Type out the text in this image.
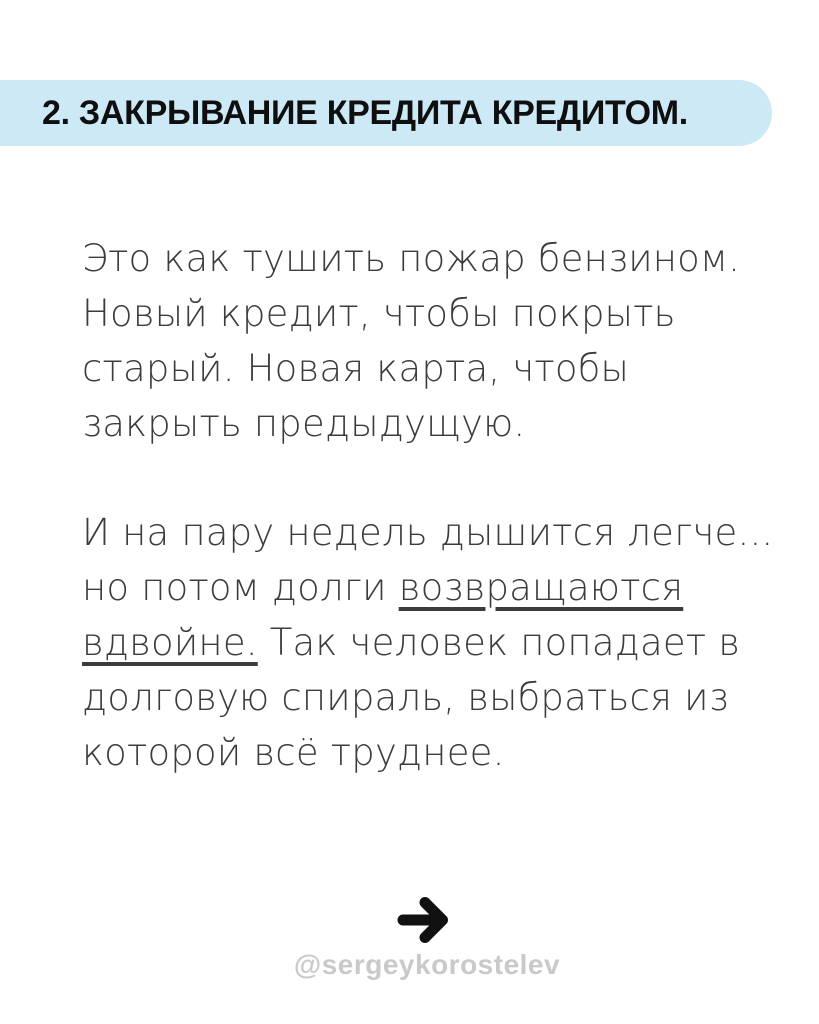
2. ЗАКРЫВАНИЕ КРЕДИТА КРЕДИТОМ.
Это как тушить пожар бензином.
Новый кредит, чтобы покрыть
старый. Новая карта, чтобы
закрыть предыдущую.
И на пару недель дышится легче...
но потом долги возвращаются
вдвойне. Так человек попадает в
долговую спираль, выбраться из
которой всё труднее.
@sergeykorostelev
